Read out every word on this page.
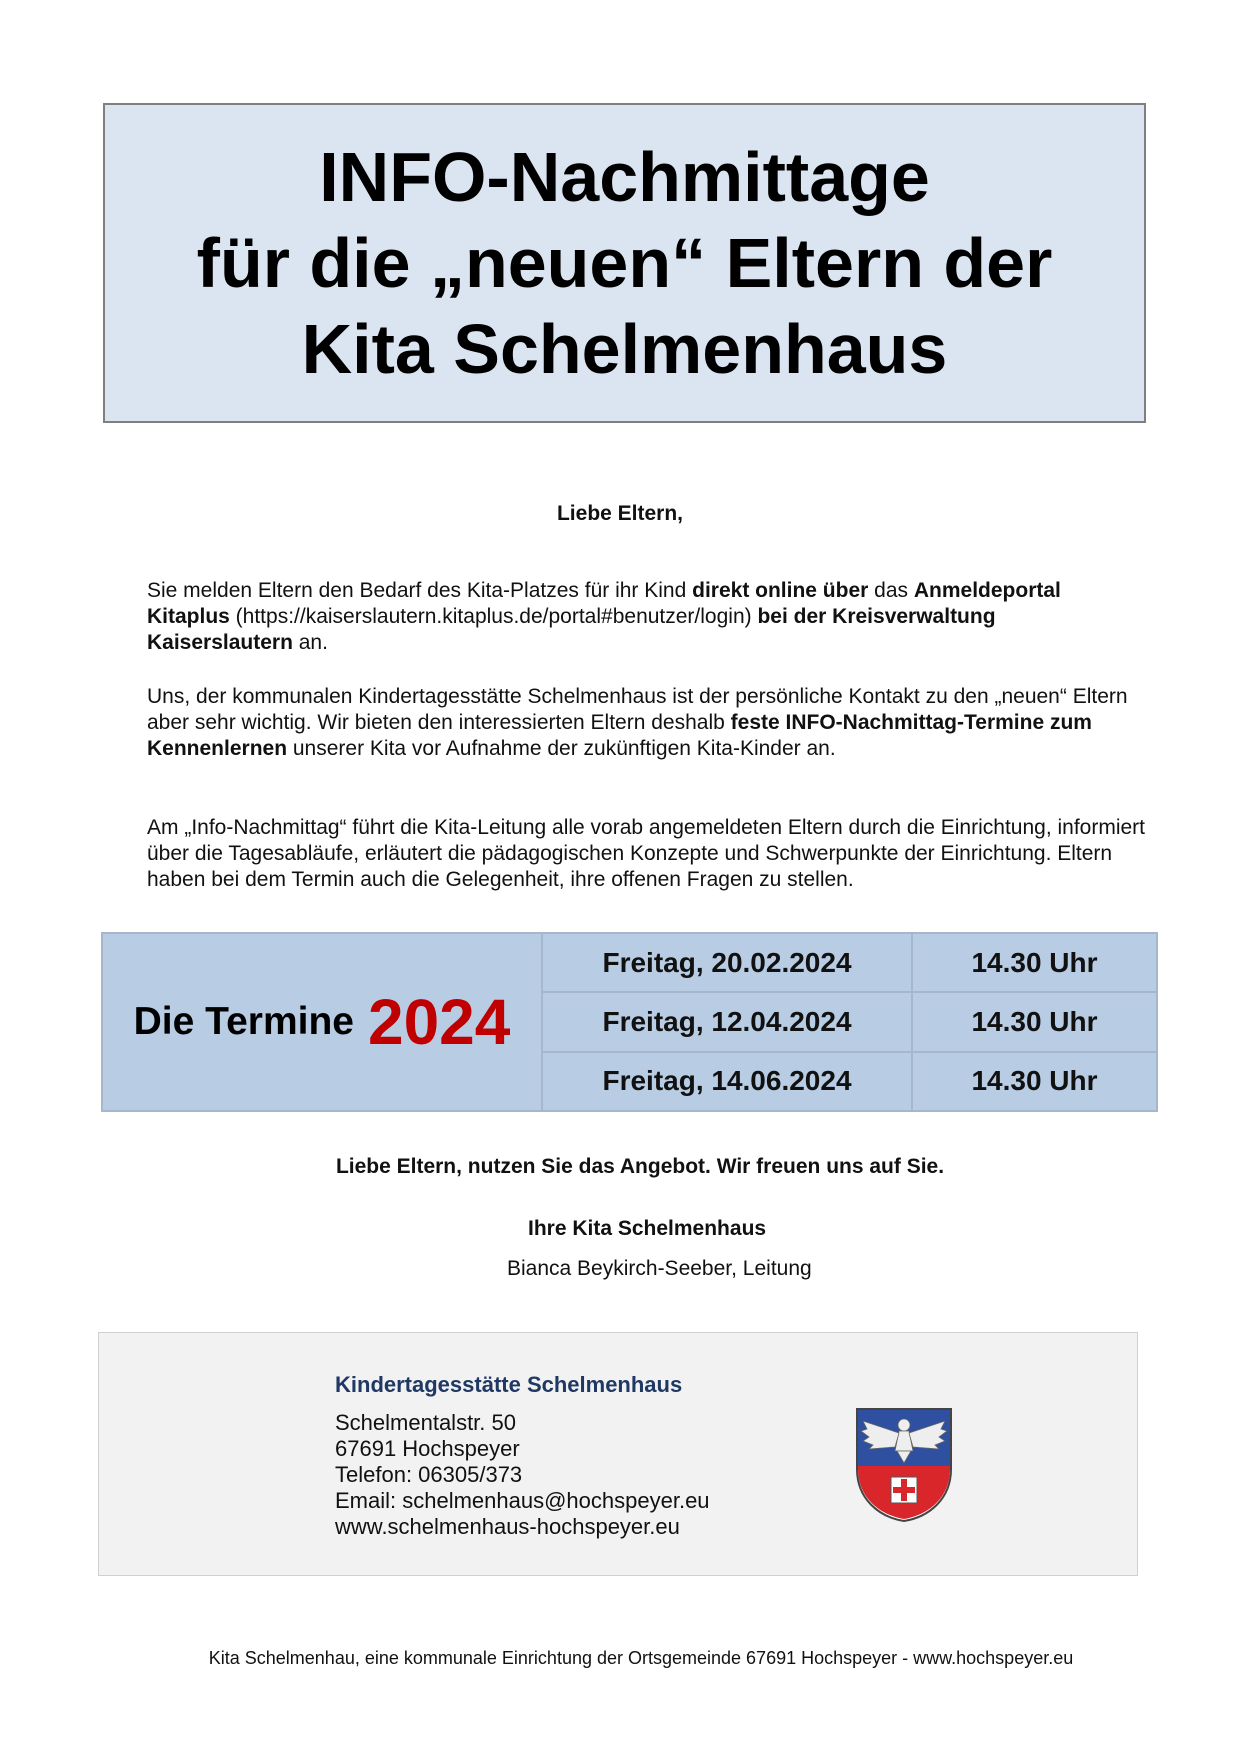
INFO-Nachmittage
für die „neuen“ Eltern der
Kita Schelmenhaus
Liebe Eltern,

Sie melden Eltern den Bedarf des Kita-Platzes für ihr Kind direkt online über das Anmeldeportal Kitaplus (https://kaiserslautern.kitaplus.de/portal#benutzer/login) bei der Kreisverwaltung Kaiserslautern an.

Uns, der kommunalen Kindertagesstätte Schelmenhaus ist der persönliche Kontakt zu den „neuen“ Eltern aber sehr wichtig. Wir bieten den interessierten Eltern deshalb feste INFO-Nachmittag-Termine zum Kennenlernen unserer Kita vor Aufnahme der zukünftigen Kita-Kinder an.

Am „Info-Nachmittag“ führt die Kita-Leitung alle vorab angemeldeten Eltern durch die Einrichtung, informiert über die Tagesabläufe, erläutert die pädagogischen Konzepte und Schwerpunkte der Einrichtung. Eltern haben bei dem Termin auch die Gelegenheit, ihre offenen Fragen zu stellen.

Die Termine 2024
Freitag, 20.02.2024	14.30 Uhr
Freitag, 12.04.2024	14.30 Uhr
Freitag, 14.06.2024	14.30 Uhr
Liebe Eltern, nutzen Sie das Angebot. Wir freuen uns auf Sie.
Ihre Kita Schelmenhaus
Bianca Beykirch-Seeber, Leitung
Kindertagesstätte Schelmenhaus
Schelmentalstr. 50
67691 Hochspeyer
Telefon: 06305/373
Email: schelmenhaus@hochspeyer.eu
www.schelmenhaus-hochspeyer.eu
Kita Schelmenhau, eine kommunale Einrichtung der Ortsgemeinde 67691 Hochspeyer - www.hochspeyer.eu
